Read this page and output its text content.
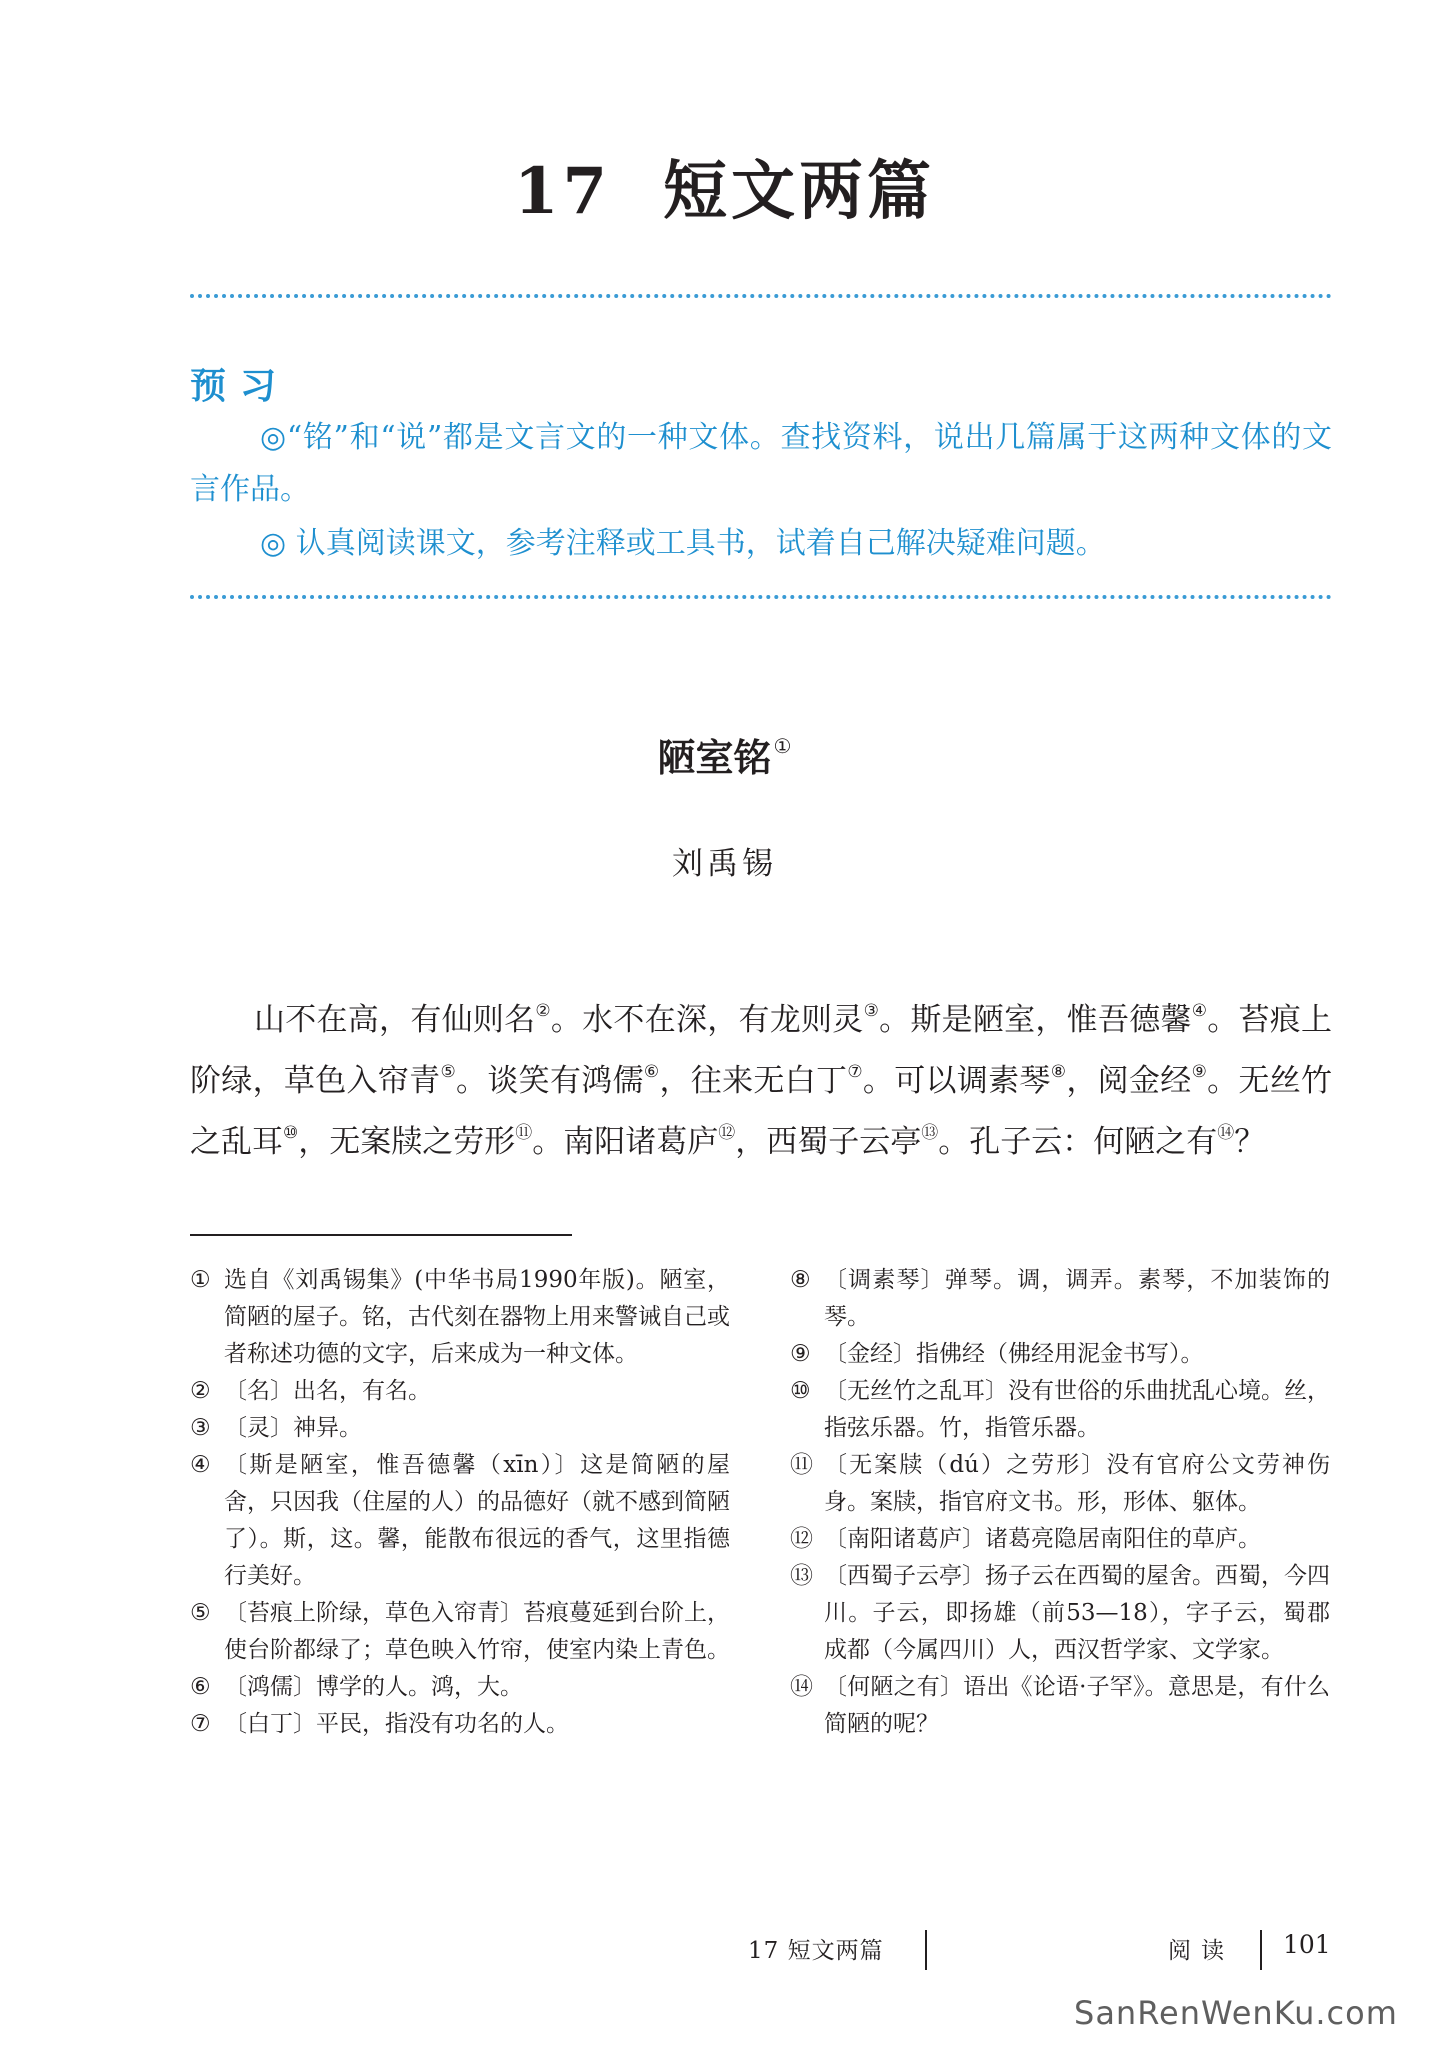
17 短文两篇
预习
◎“铭”和“说”都是文言文的一种文体。查找资料，说出几篇属于这两种文体的文言作品。
◎ 认真阅读课文，参考注释或工具书，试着自己解决疑难问题。
陋室铭 ①
刘禹锡
山不在高，有仙则名②。水不在深，有龙则灵③。斯是陋室，惟吾德馨④。苔痕上阶绿，草色入帘青⑤。谈笑有鸿儒⑥，往来无白丁⑦。可以调素琴⑧，阅金经⑨。无丝竹之乱耳⑩，无案牍之劳形⑪。南阳诸葛庐⑫，西蜀子云亭⑬。孔子云：何陋之有⑭？
① 选自《刘禹锡集》(中华书局1990年版)。陋室，简陋的屋子。铭，古代刻在器物上用来警诫自己或者称述功德的文字，后来成为一种文体。
② 〔名〕出名，有名。
③ 〔灵〕神异。
④ 〔斯是陋室，惟吾德馨（xīn）〕这是简陋的屋舍，只因我（住屋的人）的品德好（就不感到简陋了）。斯，这。馨，能散布很远的香气，这里指德行美好。
⑤ 〔苔痕上阶绿，草色入帘青〕苔痕蔓延到台阶上，使台阶都绿了；草色映入竹帘，使室内染上青色。
⑥ 〔鸿儒〕博学的人。鸿，大。
⑦ 〔白丁〕平民，指没有功名的人。
⑧ 〔调素琴〕弹琴。调，调弄。素琴，不加装饰的琴。
⑨ 〔金经〕指佛经（佛经用泥金书写）。
⑩ 〔无丝竹之乱耳〕没有世俗的乐曲扰乱心境。丝，指弦乐器。竹，指管乐器。
⑪ 〔无案牍（dú）之劳形〕没有官府公文劳神伤身。案牍，指官府文书。形，形体、躯体。
⑫ 〔南阳诸葛庐〕诸葛亮隐居南阳住的草庐。
⑬ 〔西蜀子云亭〕扬子云在西蜀的屋舍。西蜀，今四川。子云，即扬雄（前53—18），字子云，蜀郡成都（今属四川）人，西汉哲学家、文学家。
⑭ 〔何陋之有〕语出《论语·子罕》。意思是，有什么简陋的呢？
17 短文两篇	阅读 101
SanRenWenKu.com
